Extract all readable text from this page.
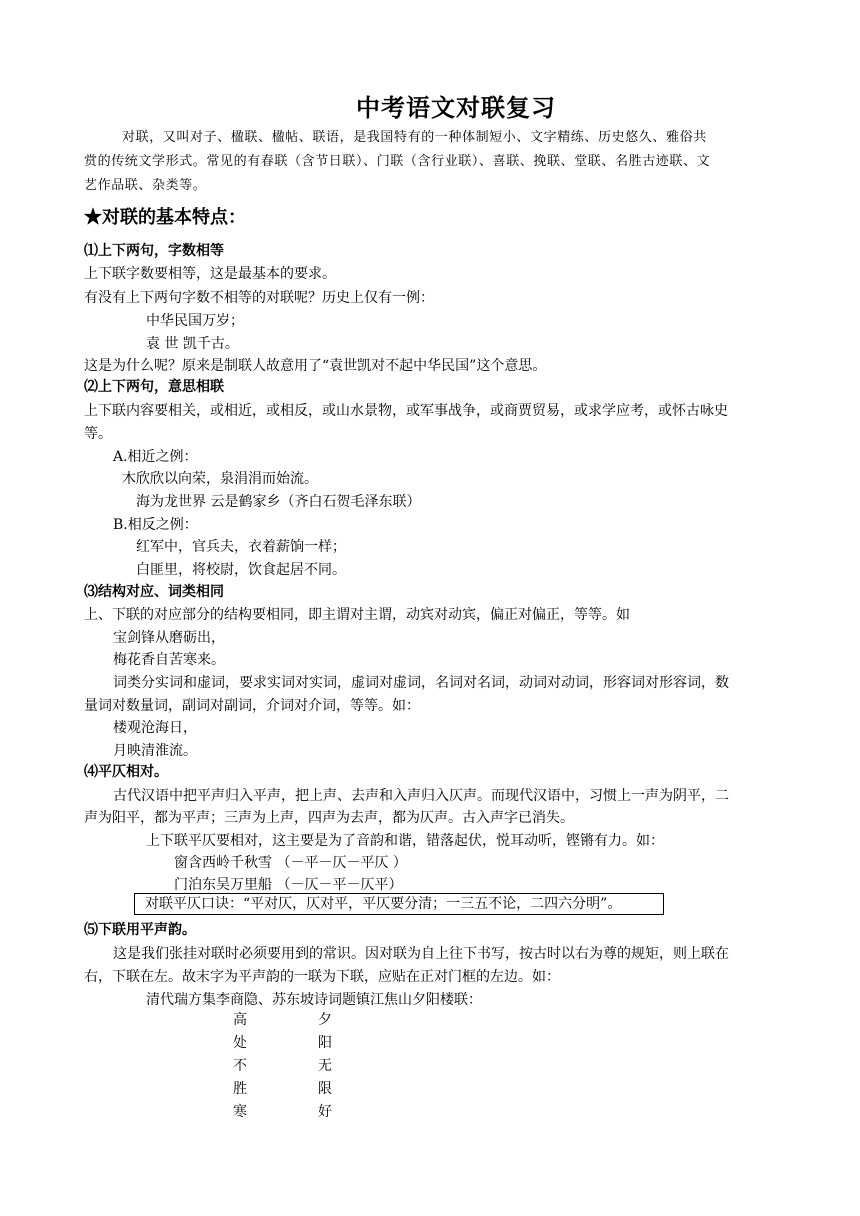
中考语文对联复习
对联，又叫对子、楹联、楹帖、联语，是我国特有的一种体制短小、文字精练、历史悠久、雅俗共
赏的传统文学形式。常见的有春联（含节日联）、门联（含行业联）、喜联、挽联、堂联、名胜古迹联、文
艺作品联、杂类等。
★对联的基本特点：
⑴上下两句，字数相等
上下联字数要相等，这是最基本的要求。
有没有上下两句字数不相等的对联呢？历史上仅有一例：
中华民国万岁；
袁 世 凯千古。
这是为什么呢？原来是制联人故意用了“袁世凯对不起中华民国”这个意思。
⑵上下两句，意思相联
上下联内容要相关，或相近，或相反，或山水景物，或军事战争，或商贾贸易，或求学应考，或怀古咏史
等。
A.相近之例：
木欣欣以向荣，泉涓涓而始流。
海为龙世界 云是鹤家乡（齐白石贺毛泽东联）
B.相反之例：
红军中，官兵夫，衣着薪饷一样；
白匪里，将校尉，饮食起居不同。
⑶结构对应、词类相同
上、下联的对应部分的结构要相同，即主谓对主谓，动宾对动宾，偏正对偏正，等等。如
宝剑锋从磨砺出，
梅花香自苦寒来。
词类分实词和虚词，要求实词对实词，虚词对虚词，名词对名词，动词对动词，形容词对形容词，数
量词对数量词，副词对副词，介词对介词，等等。如：
楼观沧海日，
月映清淮流。
⑷平仄相对。
古代汉语中把平声归入平声，把上声、去声和入声归入仄声。而现代汉语中，习惯上一声为阴平，二
声为阳平，都为平声；三声为上声，四声为去声，都为仄声。古入声字已消失。
上下联平仄要相对，这主要是为了音韵和谐，错落起伏，悦耳动听，铿锵有力。如：
窗含西岭千秋雪 （－平－仄－平仄 ）
门泊东吴万里船 （－仄－平－仄平）
对联平仄口诀：“平对仄，仄对平，平仄要分清；一三五不论，二四六分明”。
⑸下联用平声韵。
这是我们张挂对联时必须要用到的常识。因对联为自上往下书写，按古时以右为尊的规矩，则上联在
右，下联在左。故末字为平声韵的一联为下联，应贴在正对门框的左边。如：
清代瑞方集李商隐、苏东坡诗词题镇江焦山夕阳楼联：
高
处
不
胜
寒
夕
阳
无
限
好
